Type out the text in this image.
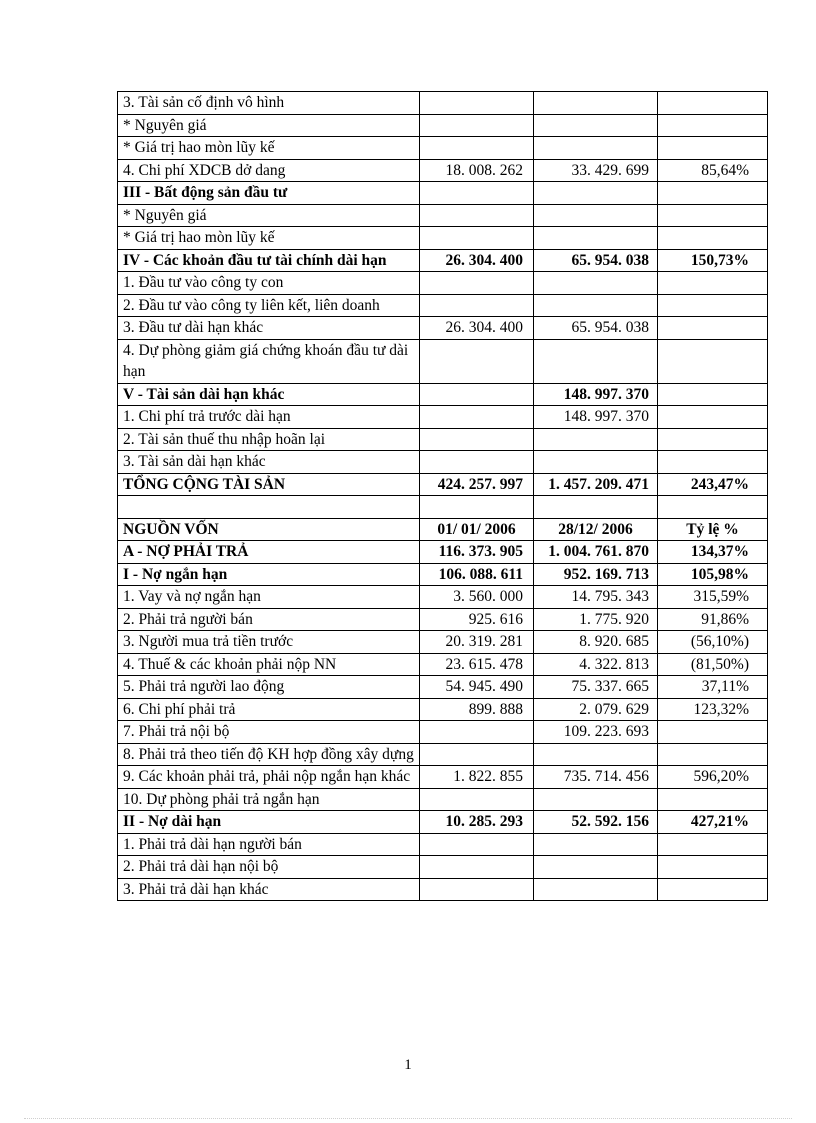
3. Tài sản cố định vô hình			
* Nguyên giá			
* Giá trị hao mòn lũy kế			
4. Chi phí XDCB dở dang	18. 008. 262	33. 429. 699	85,64%
III - Bất động sản đầu tư			
* Nguyên giá			
* Giá trị hao mòn lũy kế			
IV - Các khoản đầu tư tài chính dài hạn	26. 304. 400	65. 954. 038	150,73%
1. Đầu tư vào công ty con			
2. Đầu tư vào công ty liên kết, liên doanh			
3. Đầu tư dài hạn khác	26. 304. 400	65. 954. 038	
4. Dự phòng giảm giá chứng khoán đầu tư dài hạn			
V - Tài sản dài hạn khác		148. 997. 370	
1. Chi phí trả trước dài hạn		148. 997. 370	
2. Tài sản thuế thu nhập hoãn lại			
3. Tài sản dài hạn khác			
TỔNG CỘNG TÀI SẢN	424. 257. 997	1. 457. 209. 471	243,47%

NGUỒN VỐN	01/ 01/ 2006	28/12/ 2006	Tỷ lệ %
A - NỢ PHẢI TRẢ	116. 373. 905	1. 004. 761. 870	134,37%
I - Nợ ngắn hạn	106. 088. 611	952. 169. 713	105,98%
1. Vay và nợ ngắn hạn	3. 560. 000	14. 795. 343	315,59%
2. Phải trả người bán	925. 616	1. 775. 920	91,86%
3. Người mua trả tiền trước	20. 319. 281	8. 920. 685	(56,10%)
4. Thuế & các khoản phải nộp NN	23. 615. 478	4. 322. 813	(81,50%)
5. Phải trả người lao động	54. 945. 490	75. 337. 665	37,11%
6. Chi phí phải trả	899. 888	2. 079. 629	123,32%
7. Phải trả nội bộ		109. 223. 693	
8. Phải trả theo tiến độ KH hợp đồng xây dựng			
9. Các khoản phải trả, phải nộp ngắn hạn khác	1. 822. 855	735. 714. 456	596,20%
10. Dự phòng phải trả ngắn hạn			
II - Nợ dài hạn	10. 285. 293	52. 592. 156	427,21%
1. Phải trả dài hạn người bán			
2. Phải trả dài hạn nội bộ			
3. Phải trả dài hạn khác			
1
